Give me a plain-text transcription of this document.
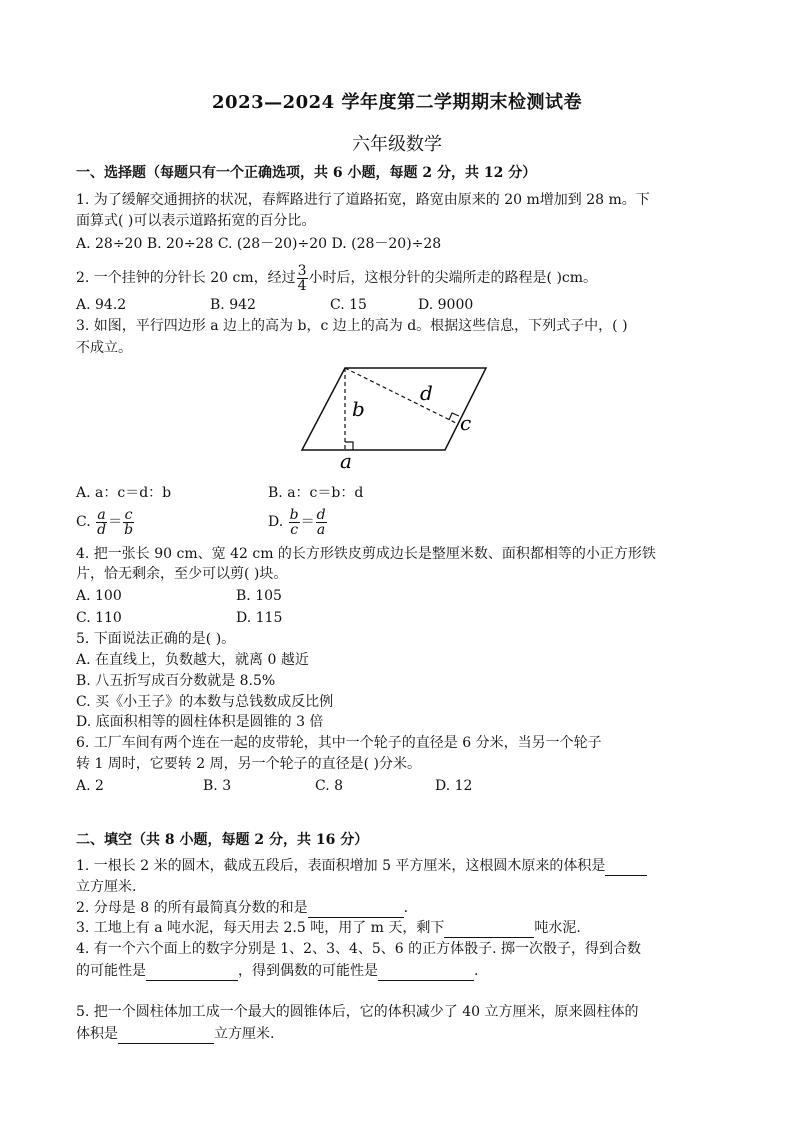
2023—2024 学年度第二学期期末检测试卷
六年级数学
一、选择题（每题只有一个正确选项，共 6 小题，每题 2 分，共 12 分）
1. 为了缓解交通拥挤的状况，春辉路进行了道路拓宽，路宽由原来的 20 m增加到 28 m。下
面算式( )可以表示道路拓宽的百分比。
A. 28÷20 B. 20÷28 C. (28－20)÷20 D. (28－20)÷28
2. 一个挂钟的分针长 20 cm，经过 $\frac{3}{4}$ 小时后，这根分针的尖端所走的路程是( )cm。
A. 94.2	B. 942	C. 15	D. 9000
3. 如图，平行四边形 a 边上的高为 b，c 边上的高为 d。根据这些信息，下列式子中，( )
不成立。
a
b
c
d
A. a：c＝d：b	B. a：c＝b：d
C. $\frac{a}{d} = \frac{c}{b}$	D. $\frac{b}{c} = \frac{d}{a}$
4. 把一张长 90 cm、宽 42 cm 的长方形铁皮剪成边长是整厘米数、面积都相等的小正方形铁
片，恰无剩余，至少可以剪( )块。
A. 100	B. 105
C. 110	D. 115
5. 下面说法正确的是( )。
A. 在直线上，负数越大，就离 0 越近
B. 八五折写成百分数就是 8.5%
C. 买《小王子》的本数与总钱数成反比例
D. 底面积相等的圆柱体积是圆锥的 3 倍
6. 工厂车间有两个连在一起的皮带轮，其中一个轮子的直径是 6 分米，当另一个轮子
转 1 周时，它要转 2 周，另一个轮子的直径是( )分米。
A. 2	B. 3	C. 8	D. 12
二、填空（共 8 小题，每题 2 分，共 16 分）
1. 一根长 2 米的圆木，截成五段后，表面积增加 5 平方厘米，这根圆木原来的体积是
立方厘米.
2. 分母是 8 的所有最简真分数的和是	.
3. 工地上有 a 吨水泥，每天用去 2.5 吨，用了 m 天，剩下	吨水泥.
4. 有一个六个面上的数字分别是 1、2、3、4、5、6 的正方体骰子. 掷一次骰子，得到合数
的可能性是	，得到偶数的可能性是	.
5. 把一个圆柱体加工成一个最大的圆锥体后，它的体积减少了 40 立方厘米，原来圆柱体的
体积是	立方厘米.
